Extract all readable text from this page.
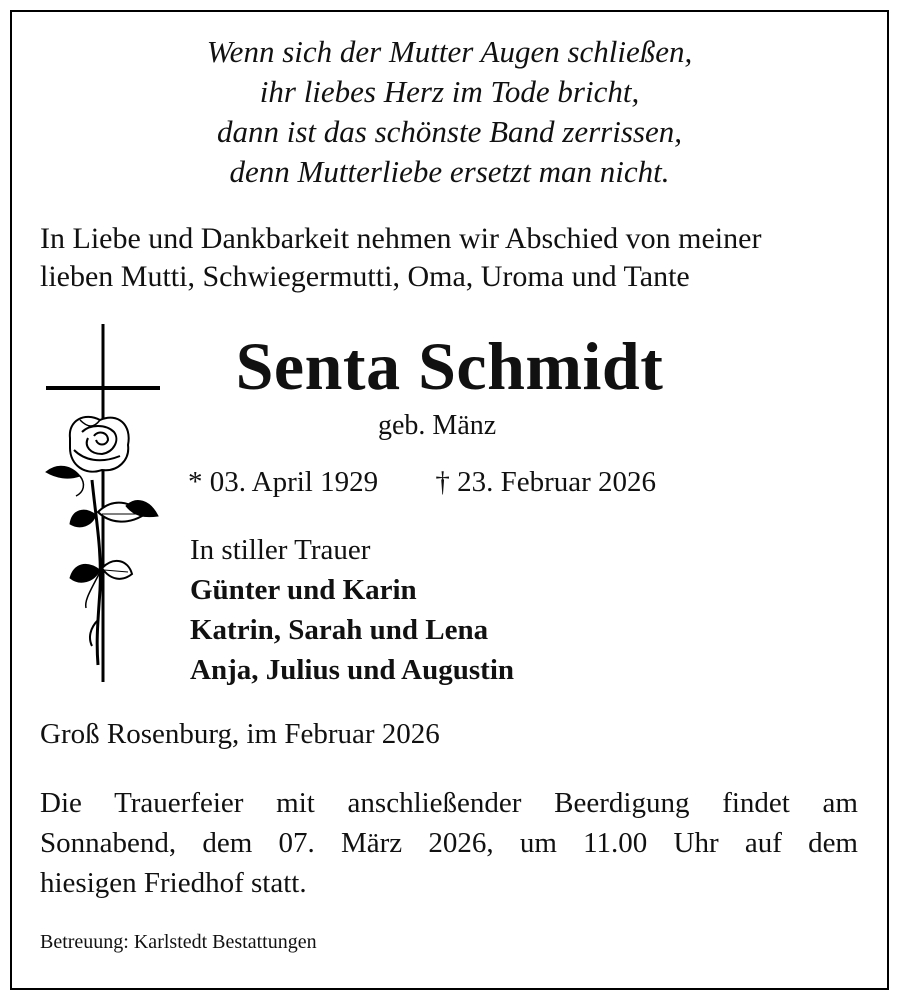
Wenn sich der Mutter Augen schließen,
ihr liebes Herz im Tode bricht,
dann ist das schönste Band zerrissen,
denn Mutterliebe ersetzt man nicht.
In Liebe und Dankbarkeit nehmen wir Abschied von meiner
lieben Mutti, Schwiegermutti, Oma, Uroma und Tante
Senta Schmidt
geb. Mänz
* 03. April 1929 † 23. Februar 2026
In stiller Trauer
Günter und Karin
Katrin, Sarah und Lena
Anja, Julius und Augustin
Groß Rosenburg, im Februar 2026
Die Trauerfeier mit anschließender Beerdigung findet am
Sonnabend, dem 07. März 2026, um 11.00 Uhr auf dem
hiesigen Friedhof statt.
Betreuung: Karlstedt Bestattungen
